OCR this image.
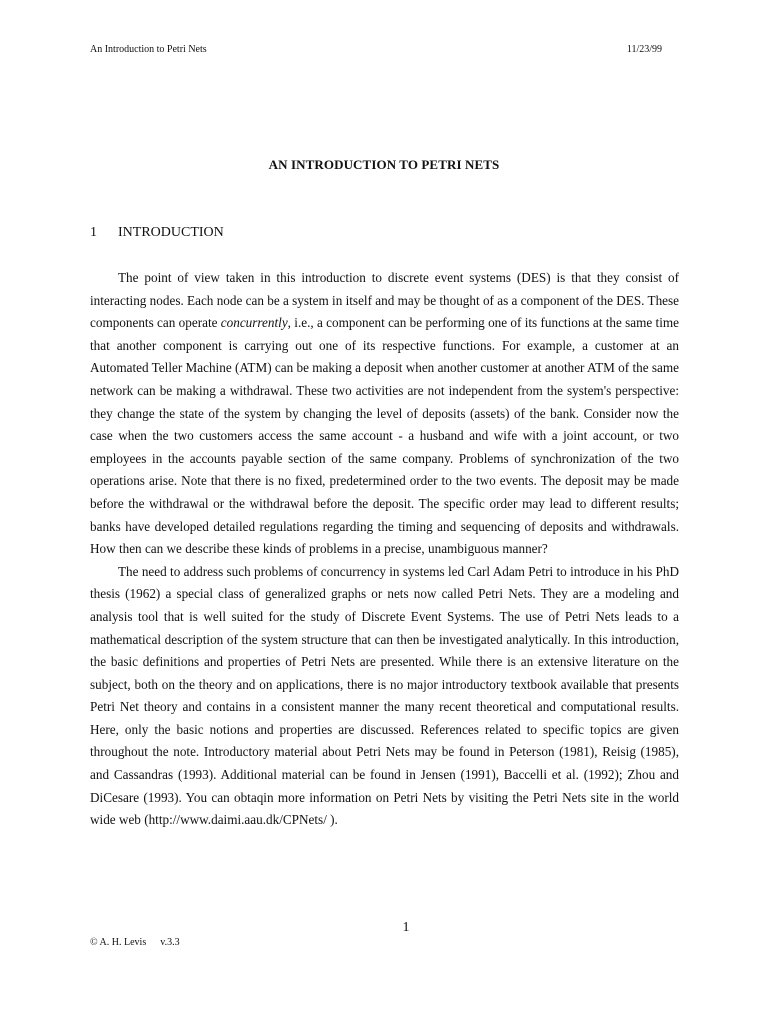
An Introduction to Petri Nets	11/23/99
AN INTRODUCTION TO PETRI NETS
1 INTRODUCTION

The point of view taken in this introduction to discrete event systems (DES) is that they consist of interacting nodes. Each node can be a system in itself and may be thought of as a component of the DES. These components can operate concurrently, i.e., a component can be performing one of its functions at the same time that another component is carrying out one of its respective functions. For example, a customer at an Automated Teller Machine (ATM) can be making a deposit when another customer at another ATM of the same network can be making a withdrawal. These two activities are not independent from the system's perspective: they change the state of the system by changing the level of deposits (assets) of the bank. Consider now the case when the two customers access the same account - a husband and wife with a joint account, or two employees in the accounts payable section of the same company. Problems of synchronization of the two operations arise. Note that there is no fixed, predetermined order to the two events. The deposit may be made before the withdrawal or the withdrawal before the deposit. The specific order may lead to different results; banks have developed detailed regulations regarding the timing and sequencing of deposits and withdrawals. How then can we describe these kinds of problems in a precise, unambiguous manner?

The need to address such problems of concurrency in systems led Carl Adam Petri to introduce in his PhD thesis (1962) a special class of generalized graphs or nets now called Petri Nets. They are a modeling and analysis tool that is well suited for the study of Discrete Event Systems. The use of Petri Nets leads to a mathematical description of the system structure that can then be investigated analytically. In this introduction, the basic definitions and properties of Petri Nets are presented. While there is an extensive literature on the subject, both on the theory and on applications, there is no major introductory textbook available that presents Petri Net theory and contains in a consistent manner the many recent theoretical and computational results. Here, only the basic notions and properties are discussed. References related to specific topics are given throughout the note. Introductory material about Petri Nets may be found in Peterson (1981), Reisig (1985), and Cassandras (1993). Additional material can be found in Jensen (1991), Baccelli et al. (1992); Zhou and DiCesare (1993). You can obtaqin more information on Petri Nets by visiting the Petri Nets site in the world wide web (http://www.daimi.aau.dk/CPNets/ ).

1
© A. H. Levis v.3.3
